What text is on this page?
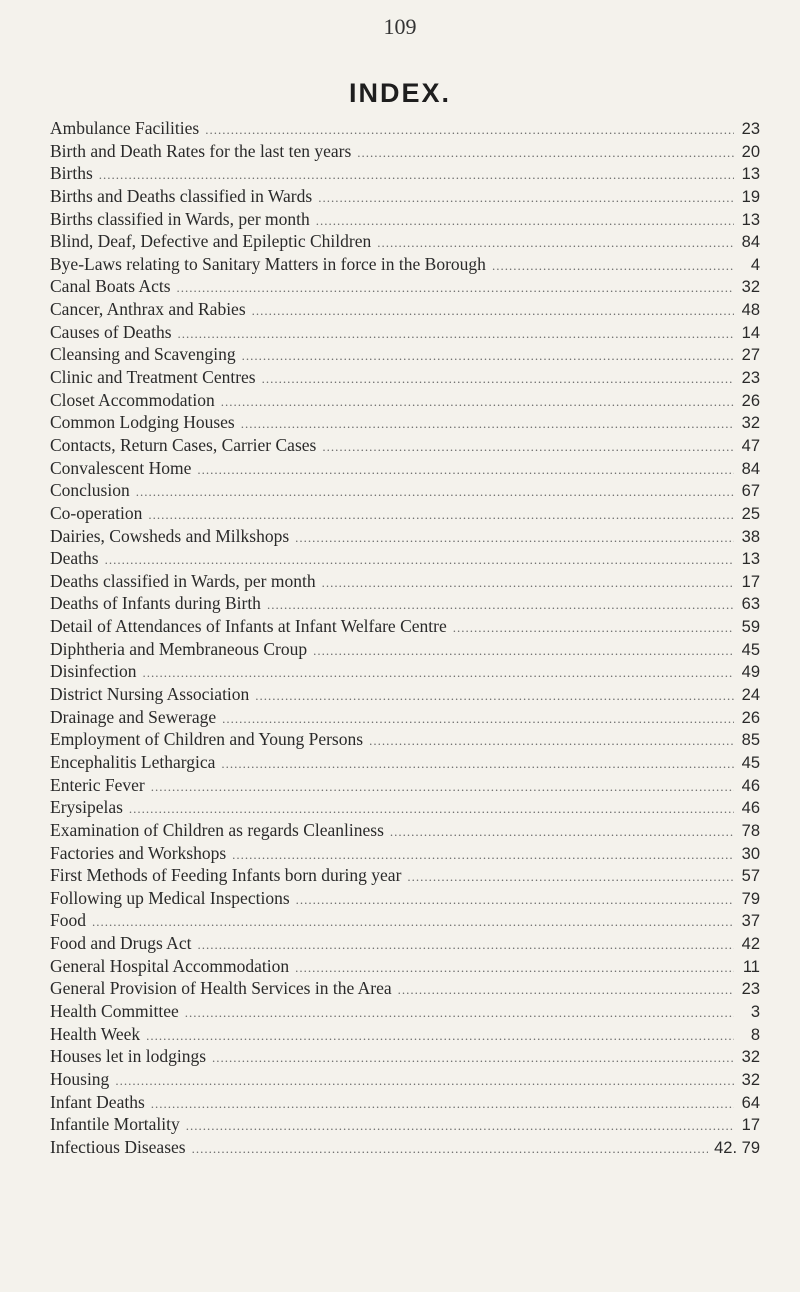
109
INDEX.
Ambulance Facilities .....	23
Birth and Death Rates for the last ten years .....	20
Births .....	13
Births and Deaths classified in Wards .....	19
Births classified in Wards, per month .....	13
Blind, Deaf, Defective and Epileptic Children .....	84
Bye-Laws relating to Sanitary Matters in force in the Borough .....	4
Canal Boats Acts .....	32
Cancer, Anthrax and Rabies .....	48
Causes of Deaths .....	14
Cleansing and Scavenging .....	27
Clinic and Treatment Centres .....	23
Closet Accommodation .....	26
Common Lodging Houses .....	32
Contacts, Return Cases, Carrier Cases .....	47
Convalescent Home .....	84
Conclusion .....	67
Co-operation .....	25
Dairies, Cowsheds and Milkshops .....	38
Deaths .....	13
Deaths classified in Wards, per month .....	17
Deaths of Infants during Birth .....	63
Detail of Attendances of Infants at Infant Welfare Centre .....	59
Diphtheria and Membraneous Croup .....	45
Disinfection .....	49
District Nursing Association .....	24
Drainage and Sewerage .....	26
Employment of Children and Young Persons .....	85
Encephalitis Lethargica .....	45
Enteric Fever .....	46
Erysipelas .....	46
Examination of Children as regards Cleanliness .....	78
Factories and Workshops .....	30
First Methods of Feeding Infants born during year .....	57
Following up Medical Inspections .....	79
Food .....	37
Food and Drugs Act .....	42
General Hospital Accommodation .....	11
General Provision of Health Services in the Area .....	23
Health Committee .....	3
Health Week .....	8
Houses let in lodgings .....	32
Housing .....	32
Infant Deaths .....	64
Infantile Mortality .....	17
Infectious Diseases .....	42. 79
